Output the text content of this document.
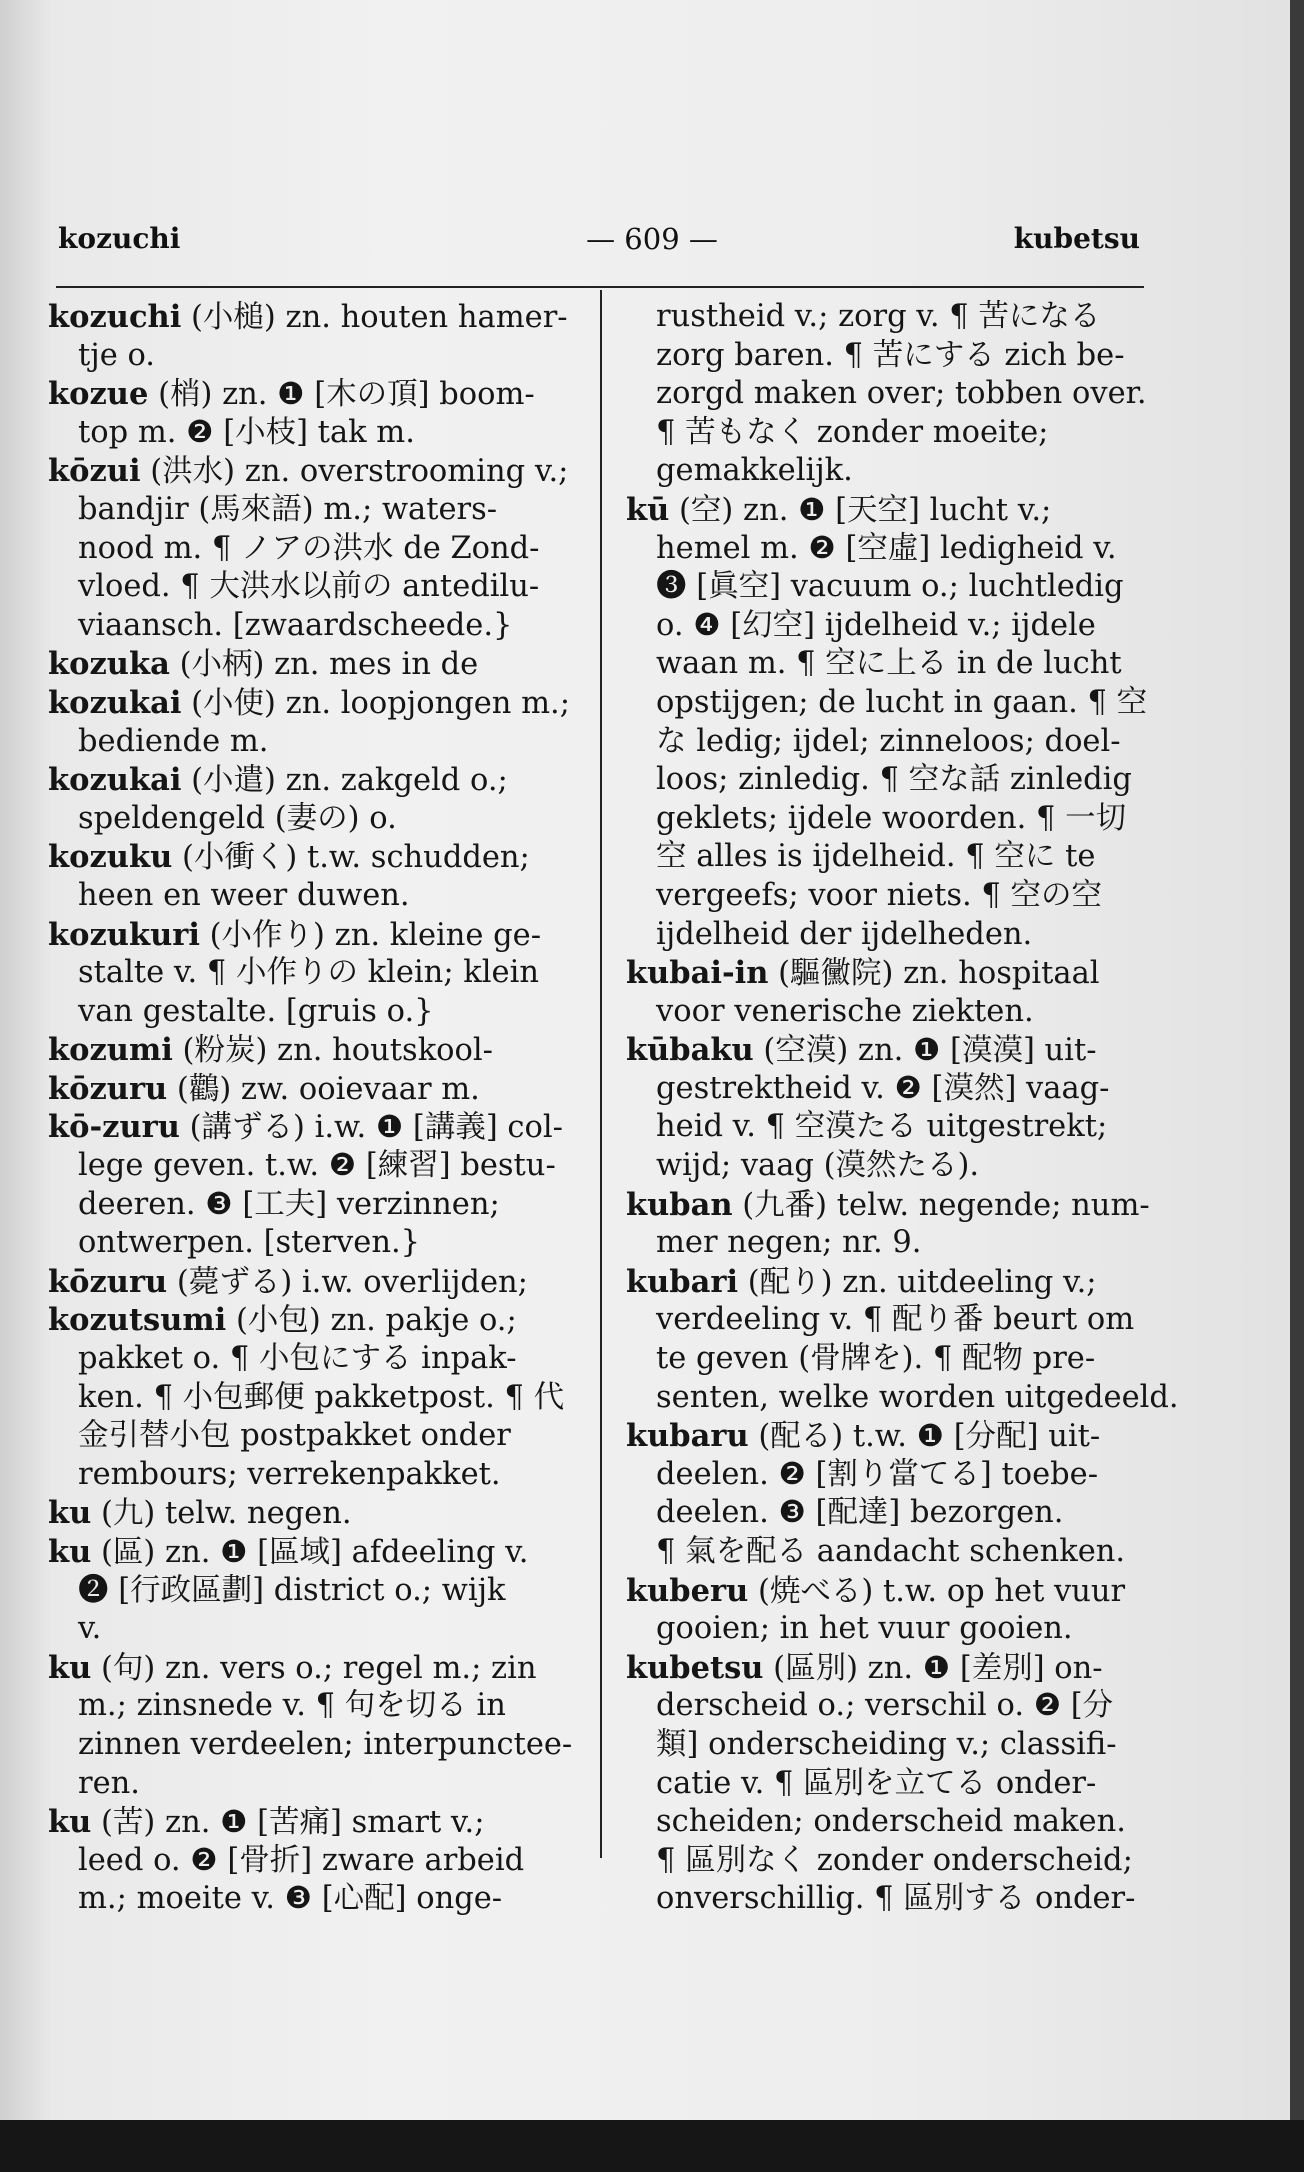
kozuchi	— 609 —	kubetsu
kozuchi (小槌) zn. houten hamer-
tje o.
kozue (梢) zn. ❶ [木の頂] boom-
top m. ❷ [小枝] tak m.
kōzui (洪水) zn. overstrooming v.;
bandjir (馬來語) m.; waters-
nood m. ¶ ノアの洪水 de Zond-
vloed. ¶ 大洪水以前の antedilu-
viaansch. [zwaardscheede.}
kozuka (小柄) zn. mes in de
kozukai (小使) zn. loopjongen m.;
bediende m.
kozukai (小遣) zn. zakgeld o.;
speldengeld (妻の) o.
kozuku (小衝く) t.w. schudden;
heen en weer duwen.
kozukuri (小作り) zn. kleine ge-
stalte v. ¶ 小作りの klein; klein
van gestalte. [gruis o.}
kozumi (粉炭) zn. houtskool-
kōzuru (鸛) zw. ooievaar m.
kō-zuru (講ずる) i.w. ❶ [講義] col-
lege geven. t.w. ❷ [練習] bestu-
deeren. ❸ [工夫] verzinnen;
ontwerpen. [sterven.}
kōzuru (薨ずる) i.w. overlijden;
kozutsumi (小包) zn. pakje o.;
pakket o. ¶ 小包にする inpak-
ken. ¶ 小包郵便 pakketpost. ¶ 代
金引替小包 postpakket onder
rembours; verrekenpakket.
ku (九) telw. negen.
ku (區) zn. ❶ [區域] afdeeling v.
❷ [行政區劃] district o.; wijk
v.
ku (句) zn. vers o.; regel m.; zin
m.; zinsnede v. ¶ 句を切る in
zinnen verdeelen; interpunctee-
ren.
ku (苦) zn. ❶ [苦痛] smart v.;
leed o. ❷ [骨折] zware arbeid
m.; moeite v. ❸ [心配] onge-
rustheid v.; zorg v. ¶ 苦になる
zorg baren. ¶ 苦にする zich be-
zorgd maken over; tobben over.
¶ 苦もなく zonder moeite;
gemakkelijk.
kū (空) zn. ❶ [天空] lucht v.;
hemel m. ❷ [空虛] ledigheid v.
❸ [眞空] vacuum o.; luchtledig
o. ❹ [幻空] ijdelheid v.; ijdele
waan m. ¶ 空に上る in de lucht
opstijgen; de lucht in gaan. ¶ 空
な ledig; ijdel; zinneloos; doel-
loos; zinledig. ¶ 空な話 zinledig
geklets; ijdele woorden. ¶ 一切
空 alles is ijdelheid. ¶ 空に te
vergeefs; voor niets. ¶ 空の空
ijdelheid der ijdelheden.
kubai-in (驅黴院) zn. hospitaal
voor venerische ziekten.
kūbaku (空漠) zn. ❶ [漠漠] uit-
gestrektheid v. ❷ [漠然] vaag-
heid v. ¶ 空漠たる uitgestrekt;
wijd; vaag (漠然たる).
kuban (九番) telw. negende; num-
mer negen; nr. 9.
kubari (配り) zn. uitdeeling v.;
verdeeling v. ¶ 配り番 beurt om
te geven (骨牌を). ¶ 配物 pre-
senten, welke worden uitgedeeld.
kubaru (配る) t.w. ❶ [分配] uit-
deelen. ❷ [割り當てる] toebe-
deelen. ❸ [配達] bezorgen.
¶ 氣を配る aandacht schenken.
kuberu (焼べる) t.w. op het vuur
gooien; in het vuur gooien.
kubetsu (區別) zn. ❶ [差別] on-
derscheid o.; verschil o. ❷ [分
類] onderscheiding v.; classifi-
catie v. ¶ 區別を立てる onder-
scheiden; onderscheid maken.
¶ 區別なく zonder onderscheid;
onverschillig. ¶ 區別する onder-
